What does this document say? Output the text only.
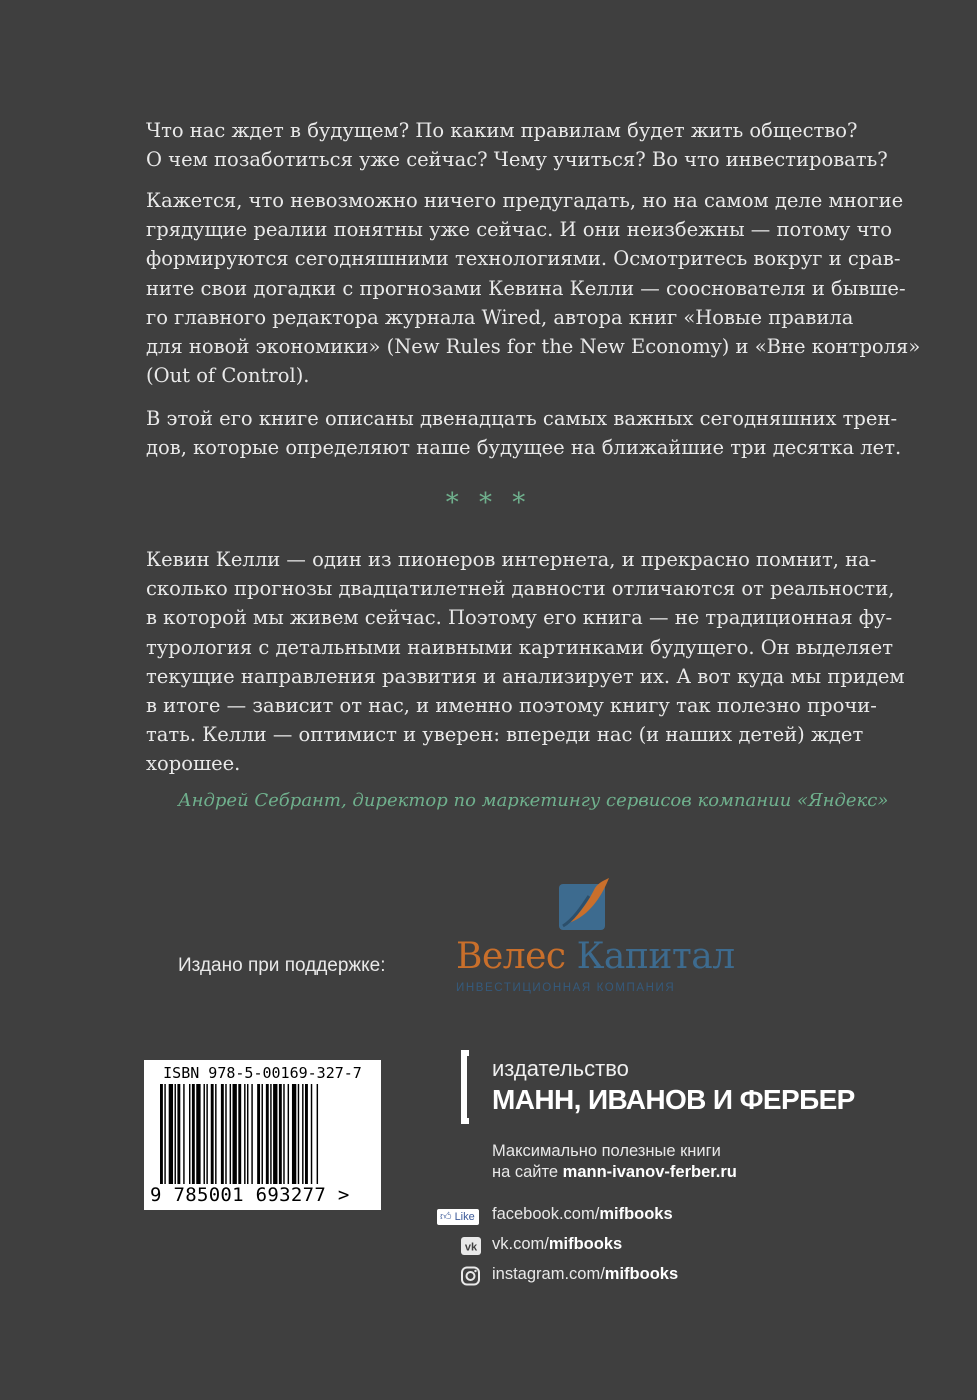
Что нас ждет в будущем? По каким правилам будет жить общество?
О чем позаботиться уже сейчас? Чему учиться? Во что инвестировать?
Кажется, что невозможно ничего предугадать, но на самом деле многие
грядущие реалии понятны уже сейчас. И они неизбежны — потому что
формируются сегодняшними технологиями. Осмотритесь вокруг и срав-
ните свои догадки с прогнозами Кевина Келли — сооснователя и бывше-
го главного редактора журнала Wired, автора книг «Новые правила
для новой экономики» (New Rules for the New Economy) и «Вне контроля»
(Out of Control).
В этой его книге описаны двенадцать самых важных сегодняшних трен-
дов, которые определяют наше будущее на ближайшие три десятка лет.
* * *
Кевин Келли — один из пионеров интернета, и прекрасно помнит, на-
сколько прогнозы двадцатилетней давности отличаются от реальности,
в которой мы живем сейчас. Поэтому его книга — не традиционная фу-
турология с детальными наивными картинками будущего. Он выделяет
текущие направления развития и анализирует их. А вот куда мы придем
в итоге — зависит от нас, и именно поэтому книгу так полезно прочи-
тать. Келли — оптимист и уверен: впереди нас (и наших детей) ждет
хорошее.
Андрей Себрант, директор по маркетингу сервисов компании «Яндекс»
Издано при поддержке: Велес Капитал
ИНВЕСТИЦИОННАЯ КОМПАНИЯ
ISBN 978-5-00169-327-7
9 785001 693277 >
издательство
МАНН, ИВАНОВ И ФЕРБЕР
Максимально полезные книги
на сайте mann-ivanov-ferber.ru
👍︎ Like facebook.com/mifbooks
vk vk.com/mifbooks
instagram.com/mifbooks
